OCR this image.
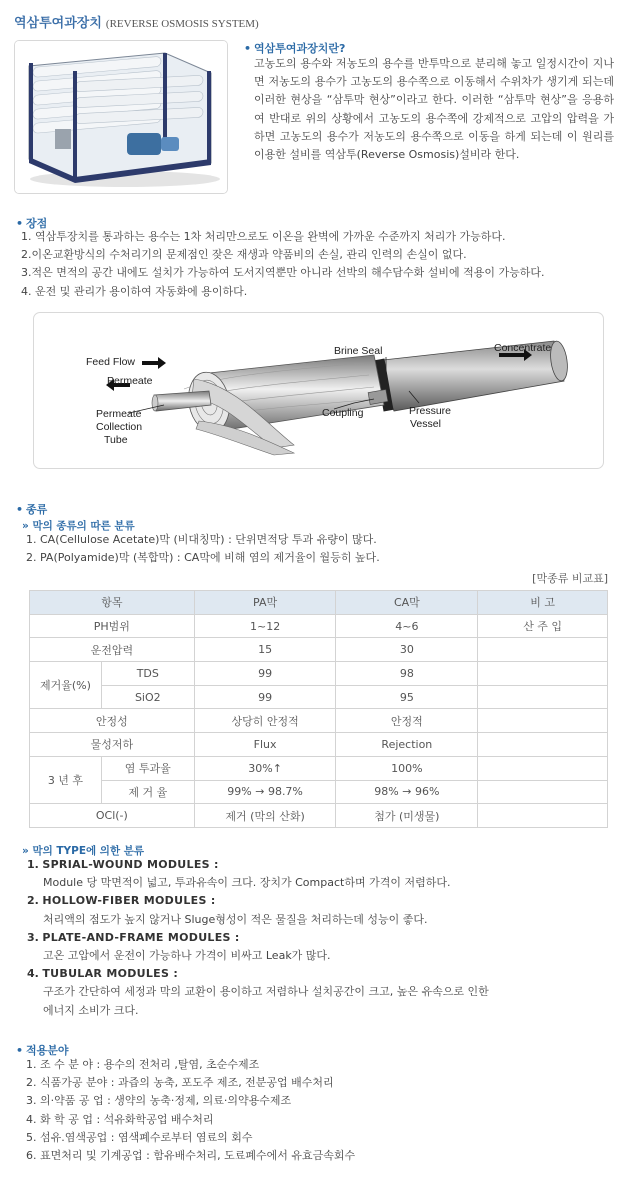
역삼투여과장치 (REVERSE OSMOSIS SYSTEM)
• 역삼투여과장치란?
고농도의 용수와 저농도의 용수를 반투막으로 분리해 놓고 일정시간이 지나면 저농도의 용수가 고농도의 용수쪽으로 이동해서 수위차가 생기게 되는데 이러한 현상을 “삼투막 현상”이라고 한다. 이러한 “삼투막 현상”을 응용하여 반대로 위의 상황에서 고농도의 용수쪽에 강제적으로 고압의 압력을 가하면 고농도의 용수가 저농도의 용수쪽으로 이동을 하게 되는데 이 원리를 이용한 설비를 역삼투(Reverse Osmosis)설비라 한다.
• 장점
1. 역삼투장치를 통과하는 용수는 1차 처리만으로도 이온을 완벽에 가까운 수준까지 처리가 가능하다.
2.이온교환방식의 수처리기의 문제점인 잦은 재생과 약품비의 손실, 관리 인력의 손실이 없다.
3.적은 면적의 공간 내에도 설치가 가능하여 도서지역뿐만 아니라 선박의 해수담수화 설비에 적용이 가능하다.
4. 운전 및 관리가 용이하여 자동화에 용이하다.
Feed Flow
Permeate
Permeate
Collection
Tube
Brine Seal
Coupling
Concentrate
Pressure
Vessel
• 종류
» 막의 종류의 따른 분류
1. CA(Cellulose Acetate)막 (비대칭막) : 단위면적당 투과 유량이 많다.
2. PA(Polyamide)막 (복합막) : CA막에 비해 염의 제거율이 월등히 높다.
[막종류 비교표]
항목		PA막	CA막	비 고
PH범위		1~12	4~6	산 주 입
운전압력		15	30	
제거율(%)	TDS	99	98	
	SiO2	99	95	
안정성		상당히 안정적	안정적	
물성저하		Flux	Rejection	
3 년 후	염 투과율	30%↑	100%	
	제 거 율	99% → 98.7%	98% → 96%	
OCl(-)		제거 (막의 산화)	첨가 (미생물)	
» 막의 TYPE에 의한 분류
1. SPRIAL-WOUND MODULES :
Module 당 막면적이 넓고, 투과유속이 크다. 장치가 Compact하며 가격이 저렴하다.
2. HOLLOW-FIBER MODULES :
처리액의 점도가 높지 않거나 Sluge형성이 적은 물질을 처리하는데 성능이 좋다.
3. PLATE-AND-FRAME MODULES :
고온 고압에서 운전이 가능하나 가격이 비싸고 Leak가 많다.
4. TUBULAR MODULES :
구조가 간단하여 세정과 막의 교환이 용이하고 저렴하나 설치공간이 크고, 높은 유속으로 인한
에너지 소비가 크다.
• 적용분야
1. 조 수 분 야 : 용수의 전처리 ,탈염, 초순수제조
2. 식품가공 분야 : 과즙의 농축, 포도주 제조, 전분공업 배수처리
3. 의·약품 공 업 : 생약의 농축·정제, 의료·의약용수제조
4. 화 학 공 업 : 석유화학공업 배수처리
5. 섬유.염색공업 : 염색폐수로부터 염료의 회수
6. 표면처리 및 기계공업 : 함유배수처리, 도료폐수에서 유효금속회수
